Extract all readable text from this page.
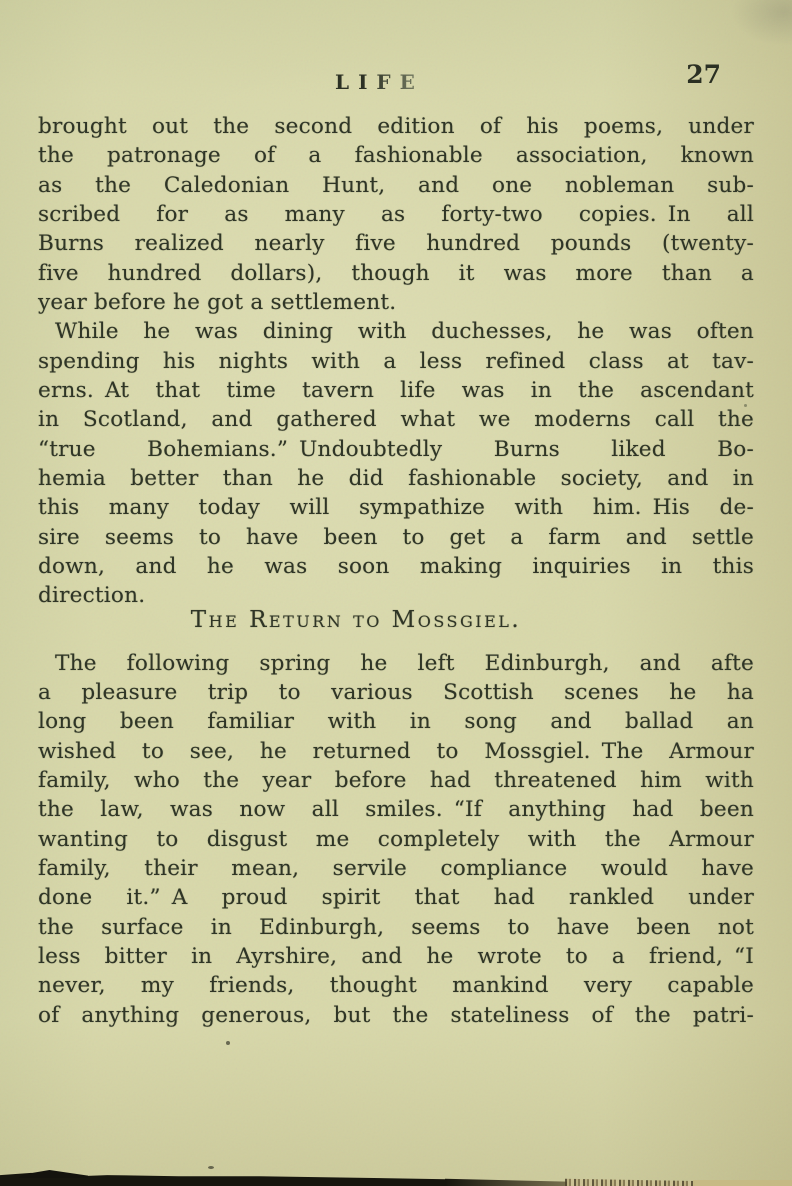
LIFE	27
brought out the second edition of his poems, under
the patronage of a fashionable association, known
as the Caledonian Hunt, and one nobleman sub-
scribed for as many as forty-two copies. In all
Burns realized nearly five hundred pounds (twenty-
five hundred dollars), though it was more than a
year before he got a settlement.
While he was dining with duchesses, he was often
spending his nights with a less refined class at tav-
erns. At that time tavern life was in the ascendant
in Scotland, and gathered what we moderns call the
“true Bohemians.” Undoubtedly Burns liked Bo-
hemia better than he did fashionable society, and in
this many today will sympathize with him. His de-
sire seems to have been to get a farm and settle
down, and he was soon making inquiries in this
direction.
The Return to Mossgiel.
The following spring he left Edinburgh, and afte
a pleasure trip to various Scottish scenes he ha
long been familiar with in song and ballad an
wished to see, he returned to Mossgiel. The Armour
family, who the year before had threatened him with
the law, was now all smiles. “If anything had been
wanting to disgust me completely with the Armour
family, their mean, servile compliance would have
done it.” A proud spirit that had rankled under
the surface in Edinburgh, seems to have been not
less bitter in Ayrshire, and he wrote to a friend, “I
never, my friends, thought mankind very capable
of anything generous, but the stateliness of the patri-
